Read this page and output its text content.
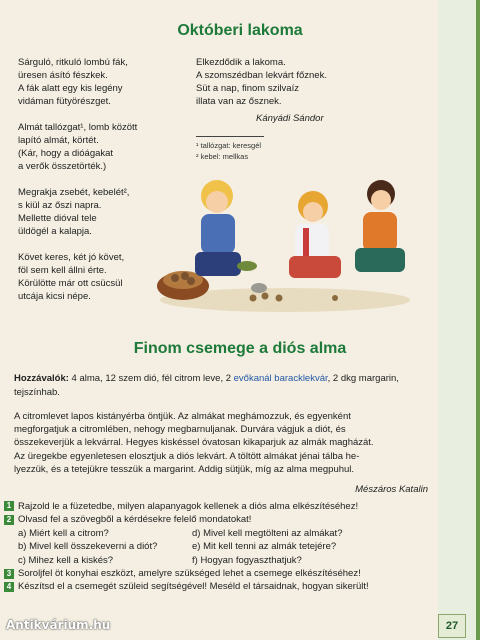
Októberi lakoma
Sárguló, ritkuló lombú fák,
üresen ásító fészkek.
A fák alatt egy kis legény
vidáman fütyörészget.
Almát tallózgat¹, lomb között
lapító almát, körtét.
(Kár, hogy a dióágakat
a verők összetörték.)
Megrakja zsebét, kebelét²,
s kiül az őszi napra.
Mellette dióval tele
üldögél a kalapja.
Követ keres, két jó követ,
föl sem kell állni érte.
Körülötte már ott csücsül
utcája kicsi népe.
Elkezdődik a lakoma.
A szomszédban lekvárt főznek.
Süt a nap, finom szilvaíz
illata van az ősznek.
Kányádi Sándor
¹ tallózgat: keresgél
² kebel: mellkas
Finom csemege a diós alma
Hozzávalók: 4 alma, 12 szem dió, fél citrom leve, 2 evőkanál baracklekvár, 2 dkg margarin, tejszínhab.
A citromlevet lapos kistányérba öntjük. Az almákat meghámozzuk, és egyenként
megforgatjuk a citromlében, nehogy megbarnuljanak. Durvára vágjuk a diót, és
összekeverjük a lekvárral. Hegyes kiskéssel óvatosan kikaparjuk az almák magházát.
Az üregekbe egyenletesen elosztjuk a diós lekvárt. A töltött almákat jénai tálba he-
lyezzük, és a tetejükre tesszük a margarint. Addig sütjük, míg az alma megpuhul.
Mészáros Katalin
1 Rajzold le a füzetedbe, milyen alapanyagok kellenek a diós alma elkészítéséhez!
2 Olvasd fel a szövegből a kérdésekre felelő mondatokat!
a) Miért kell a citrom?	d) Mivel kell megtölteni az almákat?
b) Mivel kell összekeverni a diót?	e) Mit kell tenni az almák tetejére?
c) Mihez kell a kiskés?	f) Hogyan fogyaszthatjuk?
3 Soroljfel öt konyhai eszközt, amelyre szükséged lehet a csemege elkészítéséhez!
4 Készítsd el a csemegét szüleid segítségével! Meséld el társaidnak, hogyan sikerült!
27
Antikvárium.hu
